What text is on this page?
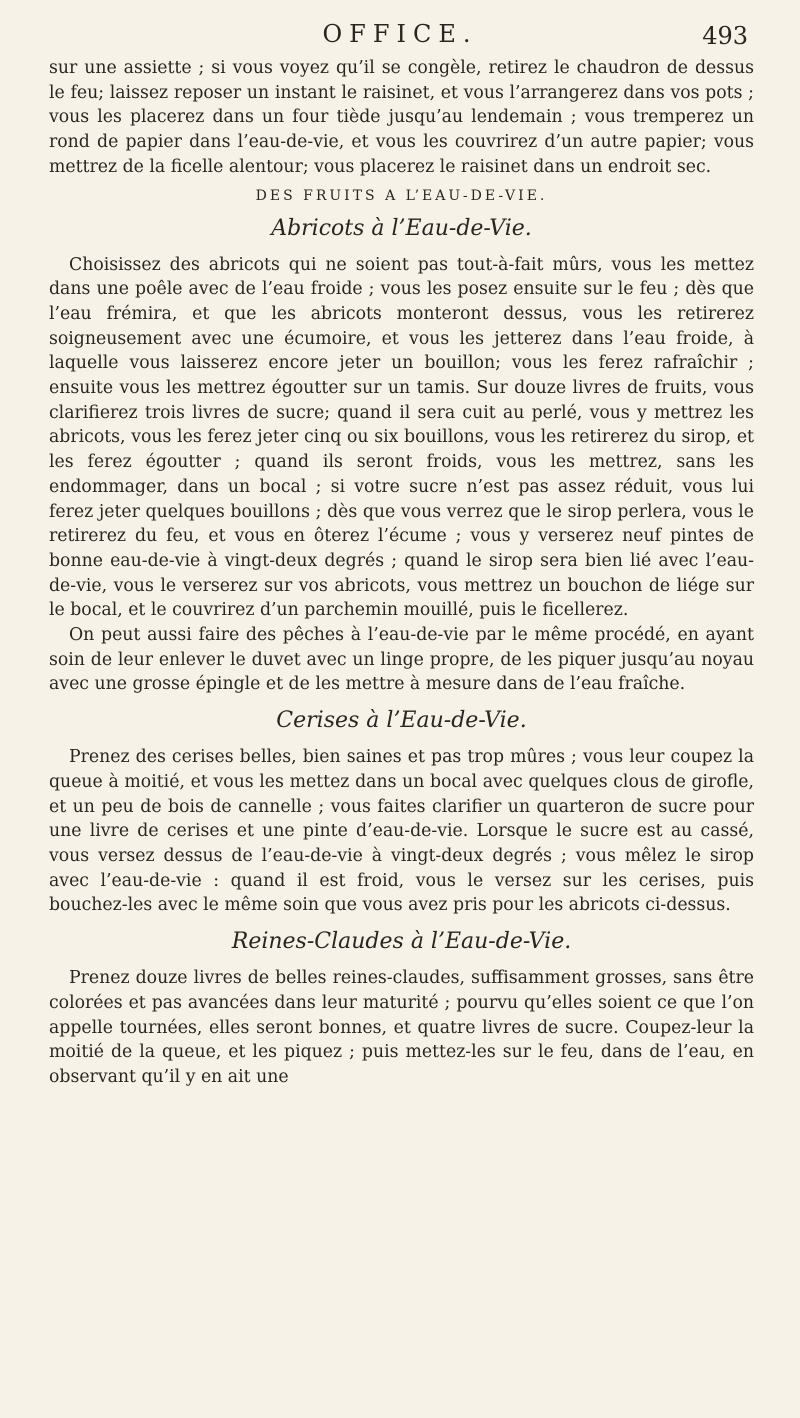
OFFICE.	493

sur une assiette ; si vous voyez qu’il se congèle, retirez le chaudron de dessus le feu; laissez reposer un instant le raisinet, et vous l’arrangerez dans vos pots ; vous les placerez dans un four tiède jusqu’au lendemain ; vous tremperez un rond de papier dans l’eau-de-vie, et vous les couvrirez d’un autre papier; vous mettrez de la ficelle alentour; vous placerez le raisinet dans un endroit sec.

DES FRUITS A L’EAU-DE-VIE.
Abricots à l’Eau-de-Vie.

Choisissez des abricots qui ne soient pas tout-à-fait mûrs, vous les mettez dans une poêle avec de l’eau froide ; vous les posez ensuite sur le feu ; dès que l’eau frémira, et que les abricots monteront dessus, vous les retirerez soigneusement avec une écumoire, et vous les jetterez dans l’eau froide, à laquelle vous laisserez encore jeter un bouillon; vous les ferez rafraîchir ; ensuite vous les mettrez égoutter sur un tamis. Sur douze livres de fruits, vous clarifierez trois livres de sucre; quand il sera cuit au perlé, vous y mettrez les abricots, vous les ferez jeter cinq ou six bouillons, vous les retirerez du sirop, et les ferez égoutter ; quand ils seront froids, vous les mettrez, sans les endommager, dans un bocal ; si votre sucre n’est pas assez réduit, vous lui ferez jeter quelques bouillons ; dès que vous verrez que le sirop perlera, vous le retirerez du feu, et vous en ôterez l’écume ; vous y verserez neuf pintes de bonne eau-de-vie à vingt-deux degrés ; quand le sirop sera bien lié avec l’eau-de-vie, vous le verserez sur vos abricots, vous mettrez un bouchon de liége sur le bocal, et le couvrirez d’un parchemin mouillé, puis le ficellerez.

On peut aussi faire des pêches à l’eau-de-vie par le même procédé, en ayant soin de leur enlever le duvet avec un linge propre, de les piquer jusqu’au noyau avec une grosse épingle et de les mettre à mesure dans de l’eau fraîche.

Cerises à l’Eau-de-Vie.

Prenez des cerises belles, bien saines et pas trop mûres ; vous leur coupez la queue à moitié, et vous les mettez dans un bocal avec quelques clous de girofle, et un peu de bois de cannelle ; vous faites clarifier un quarteron de sucre pour une livre de cerises et une pinte d’eau-de-vie. Lorsque le sucre est au cassé, vous versez dessus de l’eau-de-vie à vingt-deux degrés ; vous mêlez le sirop avec l’eau-de-vie : quand il est froid, vous le versez sur les cerises, puis bouchez-les avec le même soin que vous avez pris pour les abricots ci-dessus.

Reines-Claudes à l’Eau-de-Vie.

Prenez douze livres de belles reines-claudes, suffisamment grosses, sans être colorées et pas avancées dans leur maturité ; pourvu qu’elles soient ce que l’on appelle tournées, elles seront bonnes, et quatre livres de sucre. Coupez-leur la moitié de la queue, et les piquez ; puis mettez-les sur le feu, dans de l’eau, en observant qu’il y en ait une
